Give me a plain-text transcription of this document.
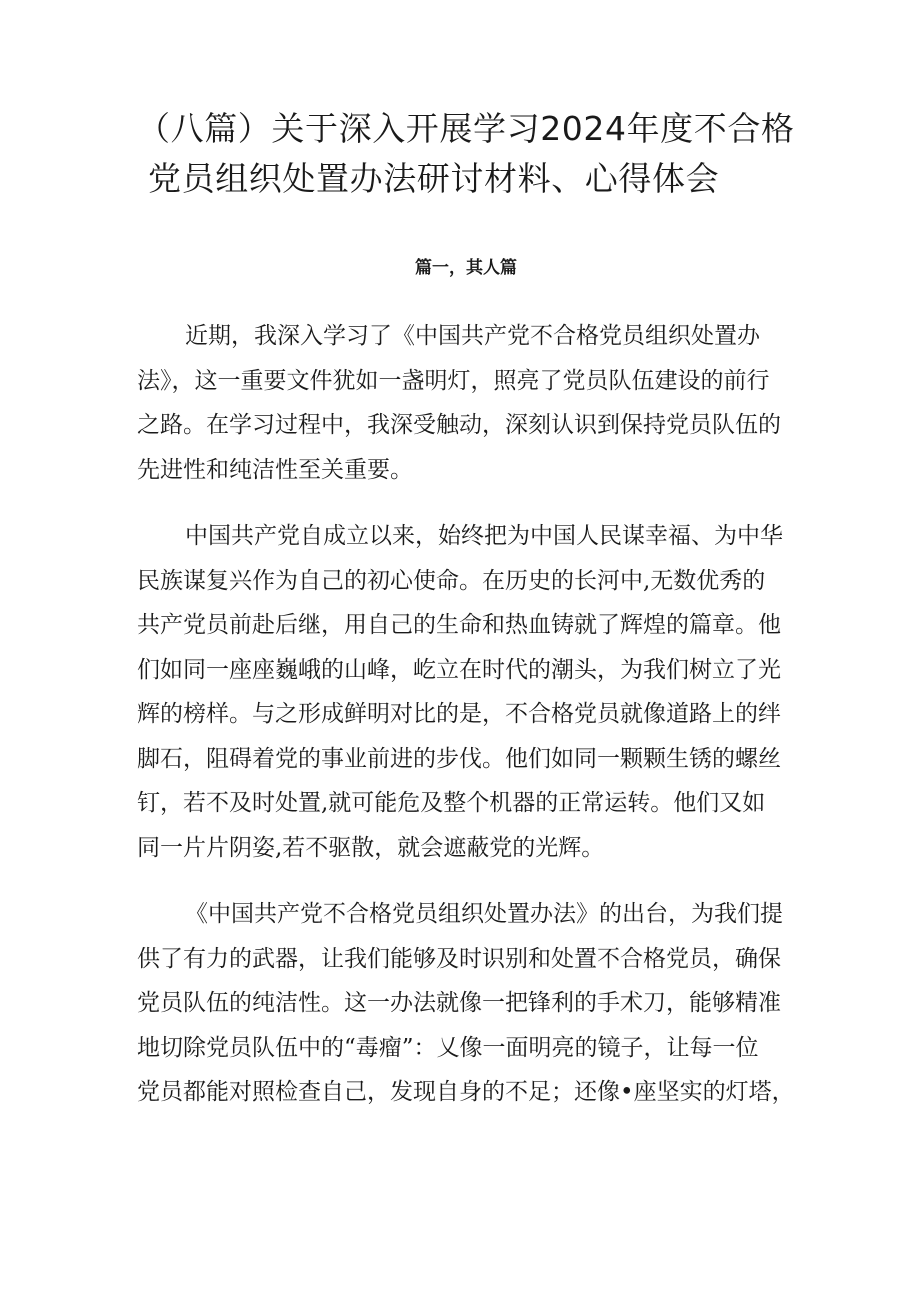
（八篇）关于深入开展学习2024年度不合格
党员组织处置办法研讨材料、心得体会
篇一，其人篇

近期，我深入学习了《中国共产党不合格党员组织处置办
法》，这一重要文件犹如一盏明灯，照亮了党员队伍建设的前行
之路。在学习过程中，我深受触动，深刻认识到保持党员队伍的
先进性和纯洁性至关重要。

中国共产党自成立以来，始终把为中国人民谋幸福、为中华
民族谋复兴作为自己的初心使命。在历史的长河中,无数优秀的
共产党员前赴后继，用自己的生命和热血铸就了辉煌的篇章。他
们如同一座座巍峨的山峰，屹立在时代的潮头，为我们树立了光
辉的榜样。与之形成鲜明对比的是，不合格党员就像道路上的绊
脚石，阻碍着党的事业前进的步伐。他们如同一颗颗生锈的螺丝
钉，若不及时处置,就可能危及整个机器的正常运转。他们又如
同一片片阴姿,若不驱散，就会遮蔽党的光辉。

《中国共产党不合格党员组织处置办法》的出台，为我们提
供了有力的武器，让我们能够及时识别和处置不合格党员，确保
党员队伍的纯洁性。这一办法就像一把锋利的手术刀，能够精准
地切除党员队伍中的“毒瘤”：乂像一面明亮的镜子，让每一位
党员都能对照检查自己，发现自身的不足；还像•座坚实的灯塔，
